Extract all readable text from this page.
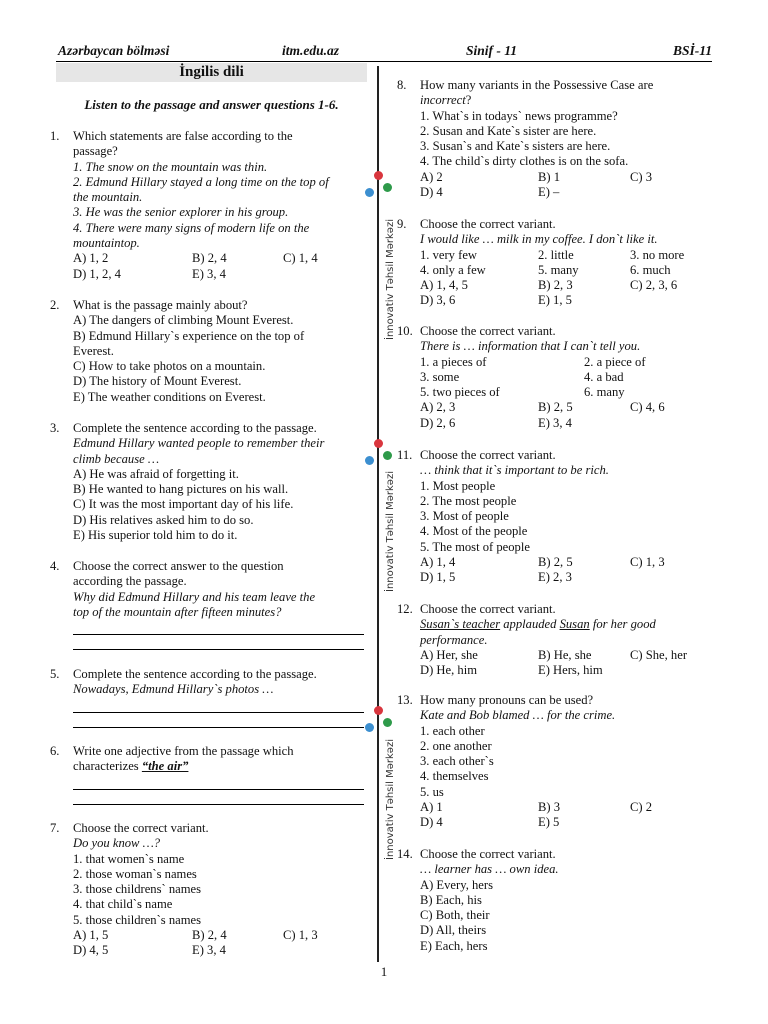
Azərbaycan bölməsi	itm.edu.az	Sinif - 11	BSİ-11
İngilis dili
Listen to the passage and answer questions 1-6.
İnnovativ Təhsil Mərkəzi
İnnovativ Təhsil Mərkəzi
İnnovativ Təhsil Mərkəzi
1. Which statements are false according to the
passage?
1. The snow on the mountain was thin.
2. Edmund Hillary stayed a long time on the top of
the mountain.
3. He was the senior explorer in his group.
4. There were many signs of modern life on the
mountaintop.
A) 1, 2	B) 2, 4	C) 1, 4
D) 1, 2, 4	E) 3, 4
2. What is the passage mainly about?
A) The dangers of climbing Mount Everest.
B) Edmund Hillary`s experience on the top of
Everest.
C) How to take photos on a mountain.
D) The history of Mount Everest.
E) The weather conditions on Everest.
3. Complete the sentence according to the passage.
Edmund Hillary wanted people to remember their
climb because …
A) He was afraid of forgetting it.
B) He wanted to hang pictures on his wall.
C) It was the most important day of his life.
D) His relatives asked him to do so.
E) His superior told him to do it.
4. Choose the correct answer to the question
according the passage.
Why did Edmund Hillary and his team leave the
top of the mountain after fifteen minutes?
5. Complete the sentence according to the passage.
Nowadays, Edmund Hillary`s photos …
6. Write one adjective from the passage which
characterizes “the air”
7. Choose the correct variant.
Do you know …?
1. that women`s name
2. those woman`s names
3. those childrens` names
4. that child`s name
5. those children`s names
A) 1, 5	B) 2, 4	C) 1, 3
D) 4, 5	E) 3, 4
8. How many variants in the Possessive Case are
incorrect?
1. What`s in todays` news programme?
2. Susan and Kate`s sister are here.
3. Susan`s and Kate`s sisters are here.
4. The child`s dirty clothes is on the sofa.
A) 2	B) 1	C) 3
D) 4	E) –
9. Choose the correct variant.
I would like … milk in my coffee. I don`t like it.
1. very few	2. little	3. no more
4. only a few	5. many	6. much
A) 1, 4, 5	B) 2, 3	C) 2, 3, 6
D) 3, 6	E) 1, 5
10. Choose the correct variant.
There is … information that I can`t tell you.
1. a pieces of	2. a piece of
3. some	4. a bad
5. two pieces of	6. many
A) 2, 3	B) 2, 5	C) 4, 6
D) 2, 6	E) 3, 4
11. Choose the correct variant.
… think that it`s important to be rich.
1. Most people
2. The most people
3. Most of people
4. Most of the people
5. The most of people
A) 1, 4	B) 2, 5	C) 1, 3
D) 1, 5	E) 2, 3
12. Choose the correct variant.
Susan`s teacher applauded Susan for her good
performance.
A) Her, she	B) He, she	C) She, her
D) He, him	E) Hers, him
13. How many pronouns can be used?
Kate and Bob blamed … for the crime.
1. each other
2. one another
3. each other`s
4. themselves
5. us
A) 1	B) 3	C) 2
D) 4	E) 5
14. Choose the correct variant.
… learner has … own idea.
A) Every, hers
B) Each, his
C) Both, their
D) All, theirs
E) Each, hers
1
